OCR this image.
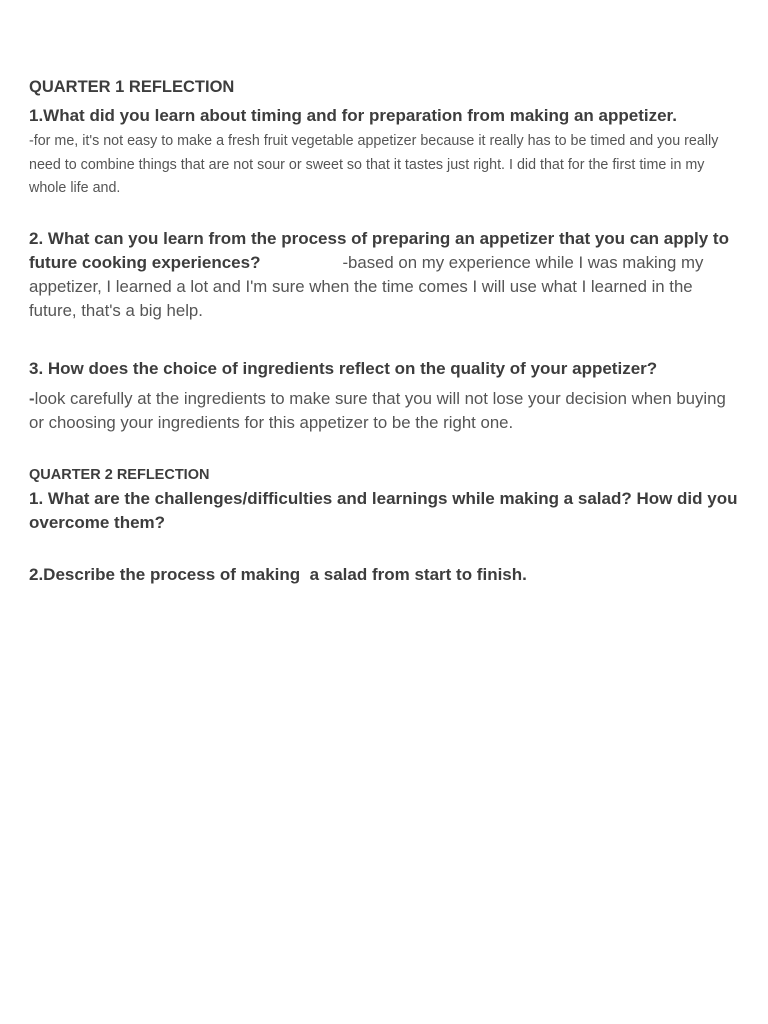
QUARTER 1 REFLECTION

1.What did you learn about timing and for preparation from making an appetizer.

-for me, it's not easy to make a fresh fruit vegetable appetizer because it really has to be timed and you really need to combine things that are not sour or sweet so that it tastes just right. I did that for the first time in my whole life and.

2. What can you learn from the process of preparing an appetizer that you can apply to future cooking experiences?	-based on my experience while I was making my appetizer, I learned a lot and I'm sure when the time comes I will use what I learned in the future, that's a big help.

3. How does the choice of ingredients reflect on the quality of your appetizer?

-look carefully at the ingredients to make sure that you will not lose your decision when buying or choosing your ingredients for this appetizer to be the right one.

QUARTER 2 REFLECTION

1. What are the challenges/difficulties and learnings while making a salad? How did you overcome them?

2.Describe the process of making  a salad from start to finish.
